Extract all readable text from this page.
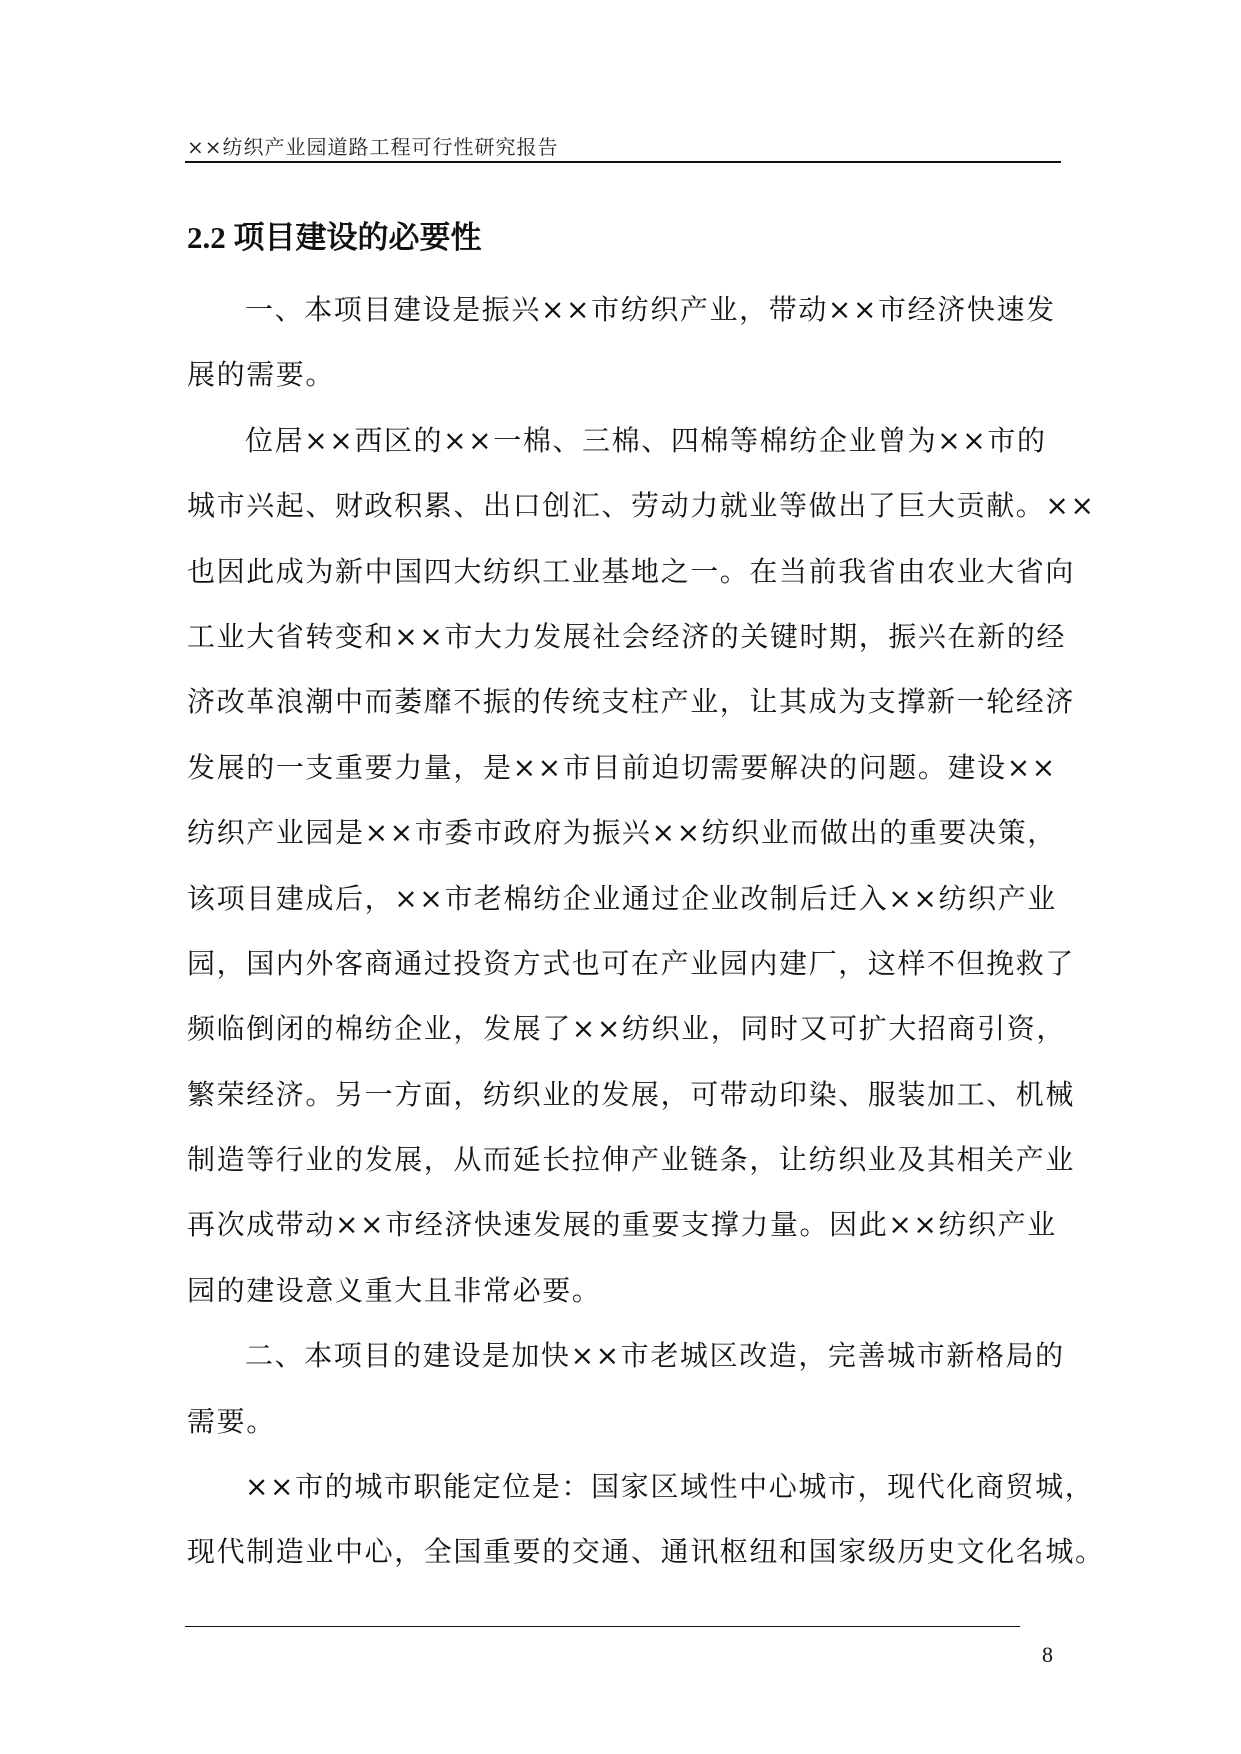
××纺织产业园道路工程可行性研究报告
2.2 项目建设的必要性
一、本项目建设是振兴××市纺织产业，带动××市经济快速发
展的需要。
位居××西区的××一棉、三棉、四棉等棉纺企业曾为××市的
城市兴起、财政积累、出口创汇、劳动力就业等做出了巨大贡献。××
也因此成为新中国四大纺织工业基地之一。在当前我省由农业大省向
工业大省转变和××市大力发展社会经济的关键时期，振兴在新的经
济改革浪潮中而萎靡不振的传统支柱产业，让其成为支撑新一轮经济
发展的一支重要力量，是××市目前迫切需要解决的问题。建设××
纺织产业园是××市委市政府为振兴××纺织业而做出的重要决策，
该项目建成后，××市老棉纺企业通过企业改制后迁入××纺织产业
园，国内外客商通过投资方式也可在产业园内建厂，这样不但挽救了
频临倒闭的棉纺企业，发展了××纺织业，同时又可扩大招商引资，
繁荣经济。另一方面，纺织业的发展，可带动印染、服装加工、机械
制造等行业的发展，从而延长拉伸产业链条，让纺织业及其相关产业
再次成带动××市经济快速发展的重要支撑力量。因此××纺织产业
园的建设意义重大且非常必要。
二、本项目的建设是加快××市老城区改造，完善城市新格局的
需要。
××市的城市职能定位是：国家区域性中心城市，现代化商贸城，
现代制造业中心，全国重要的交通、通讯枢纽和国家级历史文化名城。
8
